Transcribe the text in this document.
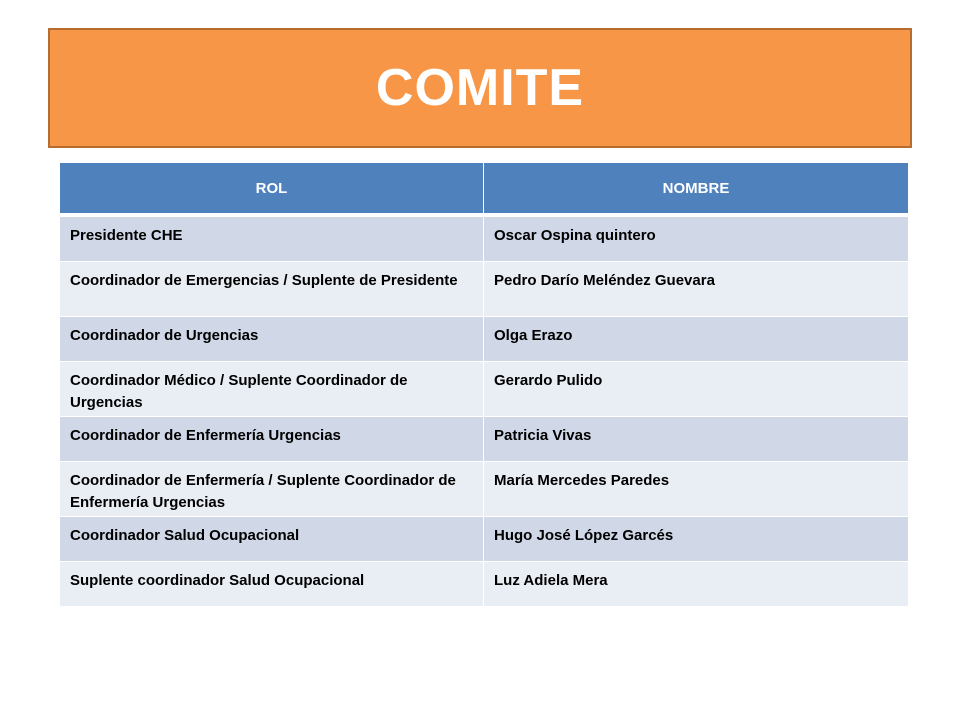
COMITE
ROL	NOMBRE
Presidente CHE	Oscar Ospina quintero
Coordinador de Emergencias / Suplente de Presidente	Pedro Darío Meléndez Guevara
Coordinador de Urgencias	Olga Erazo
Coordinador Médico / Suplente Coordinador de Urgencias	Gerardo Pulido
Coordinador de Enfermería Urgencias	Patricia Vivas
Coordinador de Enfermería / Suplente Coordinador de Enfermería Urgencias	María Mercedes Paredes
Coordinador Salud Ocupacional	Hugo José López Garcés
Suplente coordinador Salud Ocupacional	Luz Adiela Mera
